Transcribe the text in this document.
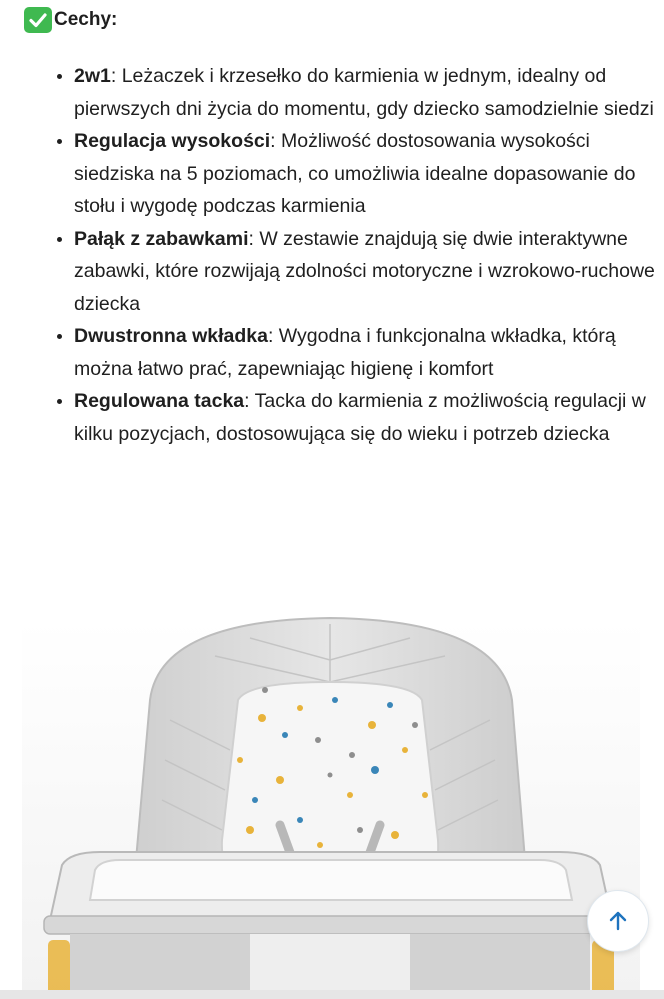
Cechy:
• 2w1: Leżaczek i krzesełko do karmienia w jednym, idealny od pierwszych dni życia do momentu, gdy dziecko samodzielnie siedzi
• Regulacja wysokości: Możliwość dostosowania wysokości siedziska na 5 poziomach, co umożliwia idealne dopasowanie do stołu i wygodę podczas karmienia
• Pałąk z zabawkami: W zestawie znajdują się dwie interaktywne zabawki, które rozwijają zdolności motoryczne i wzrokowo-ruchowe dziecka
• Dwustronna wkładka: Wygodna i funkcjonalna wkładka, którą można łatwo prać, zapewniając higienę i komfort
• Regulowana tacka: Tacka do karmienia z możliwością regulacji w kilku pozycjach, dostosowująca się do wieku i potrzeb dziecka
